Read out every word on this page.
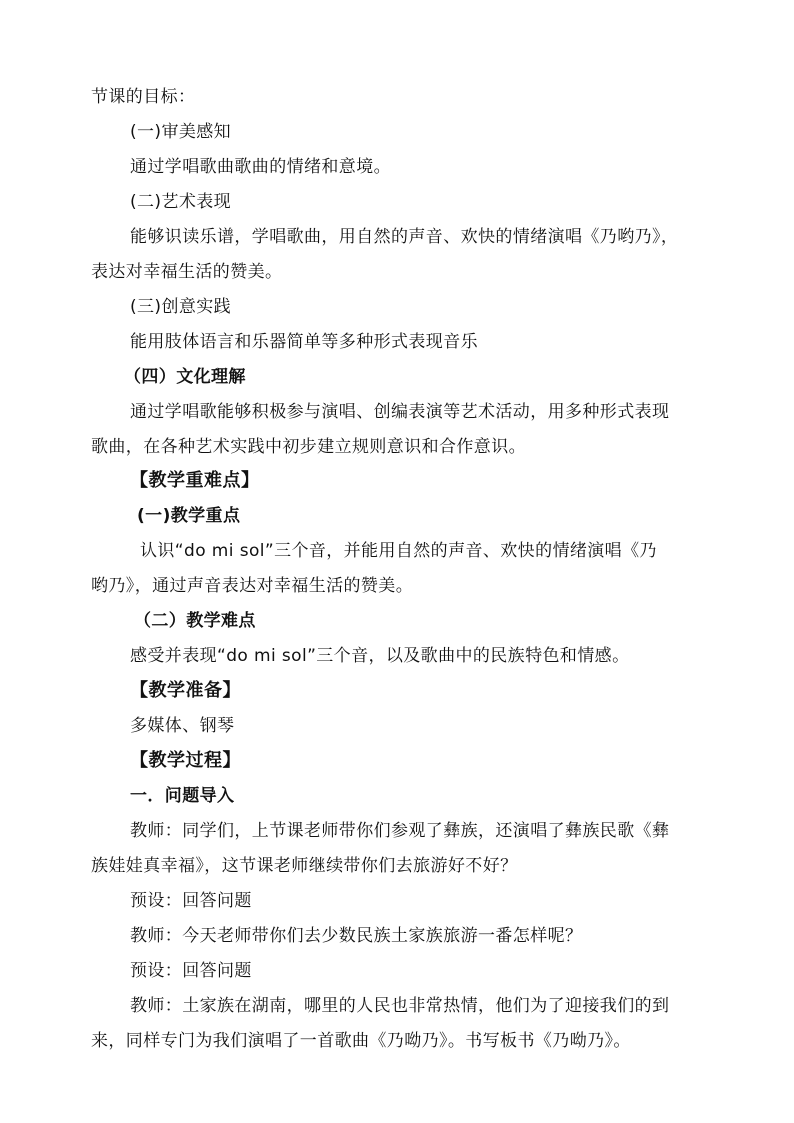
节课的目标：

(一)审美感知

通过学唱歌曲歌曲的情绪和意境。

(二)艺术表现

能够识读乐谱，学唱歌曲，用自然的声音、欢快的情绪演唱《乃哟乃》，

表达对幸福生活的赞美。

(三)创意实践

能用肢体语言和乐器简单等多种形式表现音乐

（四）文化理解

通过学唱歌能够积极参与演唱、创编表演等艺术活动，用多种形式表现

歌曲，在各种艺术实践中初步建立规则意识和合作意识。

【教学重难点】

(一)教学重点

认识“do mi sol”三个音，并能用自然的声音、欢快的情绪演唱《乃

哟乃》，通过声音表达对幸福生活的赞美。

（二）教学难点

感受并表现“do mi sol”三个音，以及歌曲中的民族特色和情感。

【教学准备】

多媒体、钢琴

【教学过程】

一．问题导入

教师：同学们，上节课老师带你们参观了彝族，还演唱了彝族民歌《彝

族娃娃真幸福》，这节课老师继续带你们去旅游好不好？

预设：回答问题

教师：今天老师带你们去少数民族土家族旅游一番怎样呢？

预设：回答问题

教师：土家族在湖南，哪里的人民也非常热情，他们为了迎接我们的到

来，同样专门为我们演唱了一首歌曲《乃呦乃》。书写板书《乃呦乃》。
